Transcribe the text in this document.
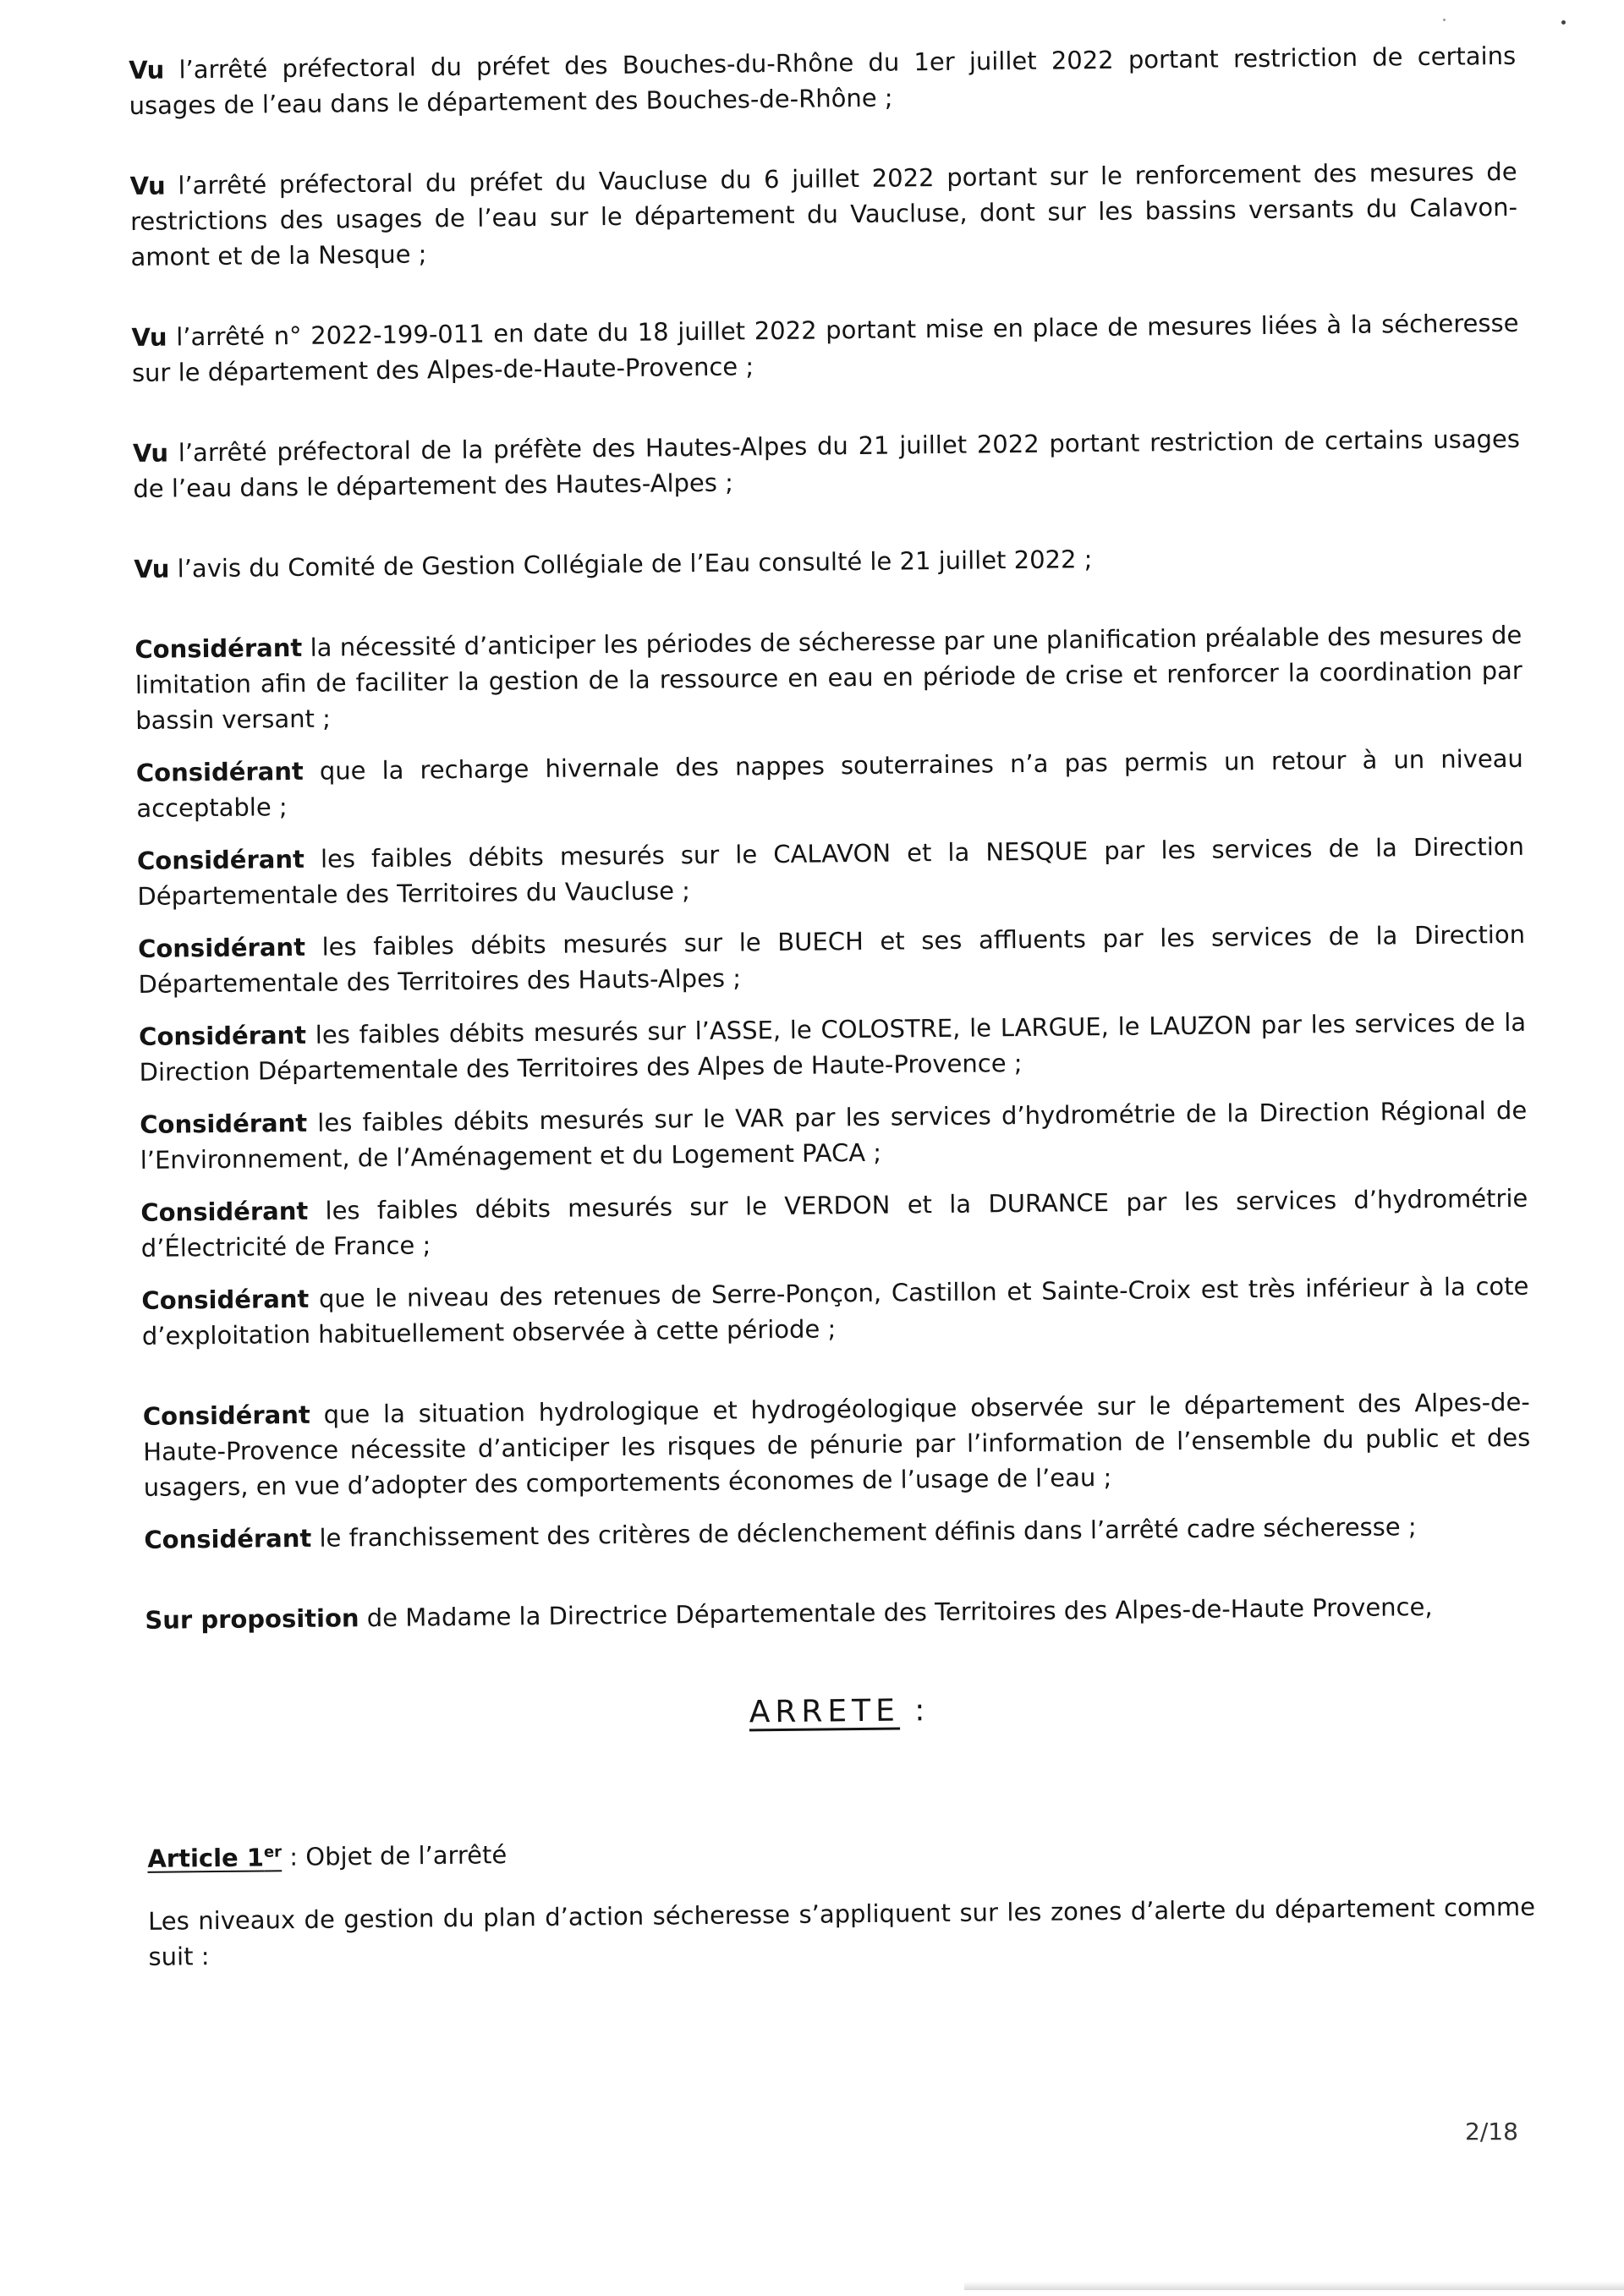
Vu l’arrêté préfectoral du préfet des Bouches-du-Rhône du 1er juillet 2022 portant restriction de certains usages de l’eau dans le département des Bouches-de-Rhône ;

Vu l’arrêté préfectoral du préfet du Vaucluse du 6 juillet 2022 portant sur le renforcement des mesures de restrictions des usages de l’eau sur le département du Vaucluse, dont sur les bassins versants du Calavon-amont et de la Nesque ;

Vu l’arrêté n° 2022-199-011 en date du 18 juillet 2022 portant mise en place de mesures liées à la sécheresse sur le département des Alpes-de-Haute-Provence ;

Vu l’arrêté préfectoral de la préfète des Hautes-Alpes du 21 juillet 2022 portant restriction de certains usages de l’eau dans le département des Hautes-Alpes ;

Vu l’avis du Comité de Gestion Collégiale de l’Eau consulté le 21 juillet 2022 ;

Considérant la nécessité d’anticiper les périodes de sécheresse par une planification préalable des mesures de limitation afin de faciliter la gestion de la ressource en eau en période de crise et renforcer la coordination par bassin versant ;

Considérant que la recharge hivernale des nappes souterraines n’a pas permis un retour à un niveau acceptable ;

Considérant les faibles débits mesurés sur le CALAVON et la NESQUE par les services de la Direction Départementale des Territoires du Vaucluse ;

Considérant les faibles débits mesurés sur le BUECH et ses affluents par les services de la Direction Départementale des Territoires des Hauts-Alpes ;

Considérant les faibles débits mesurés sur l’ASSE, le COLOSTRE, le LARGUE, le LAUZON par les services de la Direction Départementale des Territoires des Alpes de Haute-Provence ;

Considérant les faibles débits mesurés sur le VAR par les services d’hydrométrie de la Direction Régional de l’Environnement, de l’Aménagement et du Logement PACA ;

Considérant les faibles débits mesurés sur le VERDON et la DURANCE par les services d’hydrométrie d’Électricité de France ;

Considérant que le niveau des retenues de Serre-Ponçon, Castillon et Sainte-Croix est très inférieur à la cote d’exploitation habituellement observée à cette période ;

Considérant que la situation hydrologique et hydrogéologique observée sur le département des Alpes-de-Haute-Provence nécessite d’anticiper les risques de pénurie par l’information de l’ensemble du public et des usagers, en vue d’adopter des comportements économes de l’usage de l’eau ;

Considérant le franchissement des critères de déclenchement définis dans l’arrêté cadre sécheresse ;

Sur proposition de Madame la Directrice Départementale des Territoires des Alpes-de-Haute Provence,

ARRETE :

Article 1er : Objet de l’arrêté

Les niveaux de gestion du plan d’action sécheresse s’appliquent sur les zones d’alerte du département comme suit :

2/18
